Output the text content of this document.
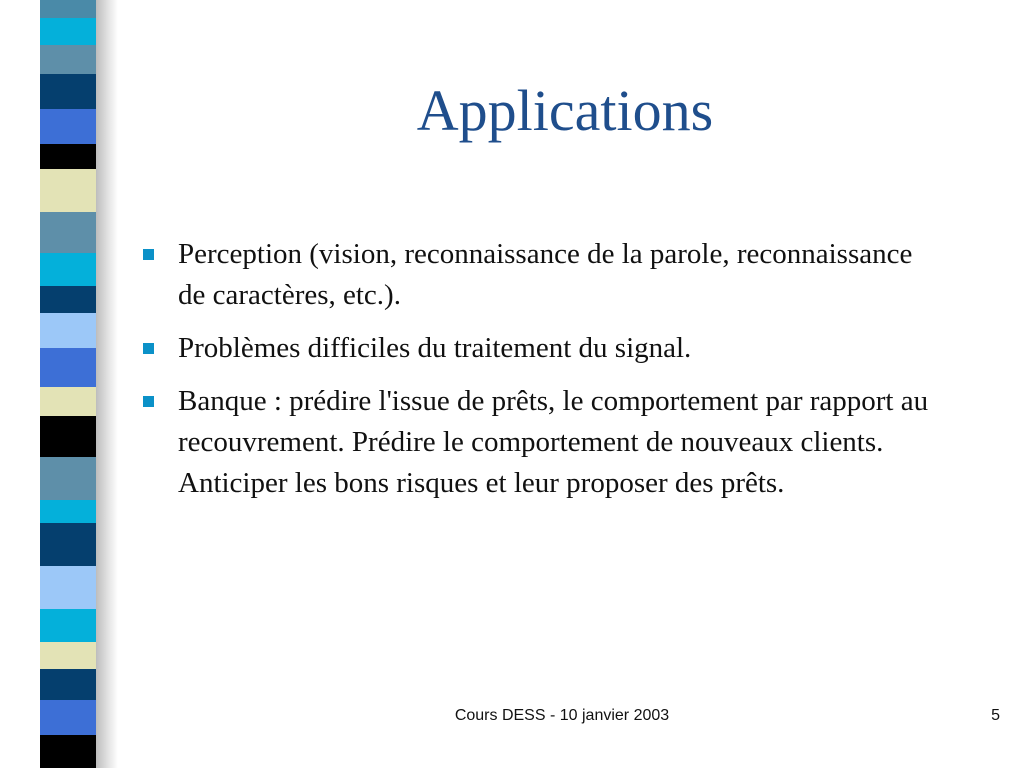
Applications
Perception (vision, reconnaissance de la parole, reconnaissance de caractères, etc.).
Problèmes difficiles du traitement du signal.
Banque : prédire l'issue de prêts, le comportement par rapport au recouvrement. Prédire le comportement de nouveaux clients. Anticiper les bons risques et leur proposer des prêts.
Cours DESS - 10 janvier 2003	5
